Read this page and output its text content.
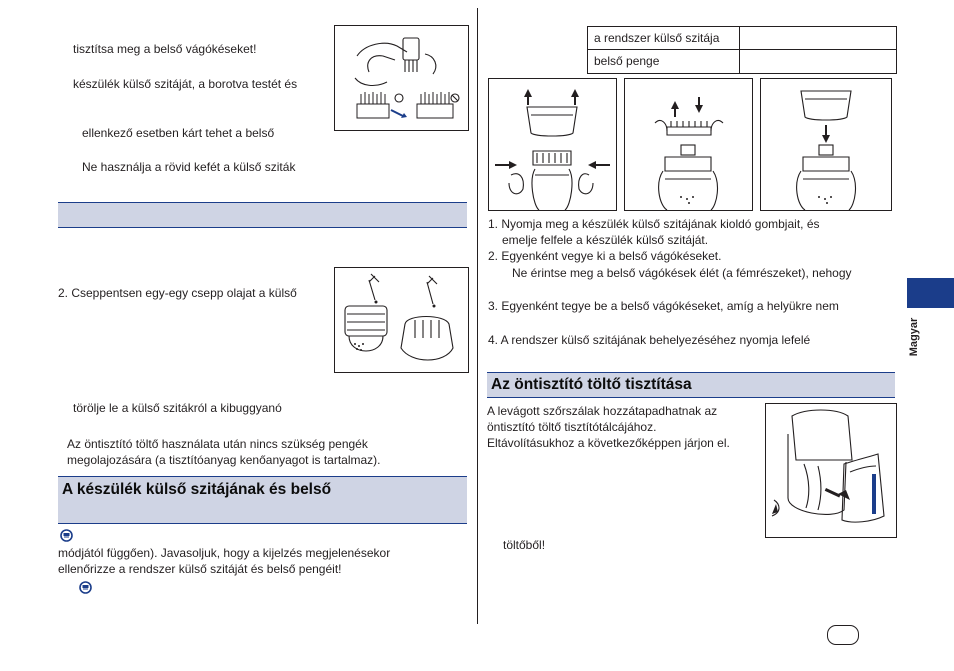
tisztítsa meg a belső vágókéseket!
készülék külső szitáját, a borotva testét és
ellenkező esetben kárt tehet a belső
Ne használja a rövid kefét a külső sziták
2. Cseppentsen egy-egy csepp olajat a külső
törölje le a külső szitákról a kibuggyanó
Az öntisztító töltő használata után nincs szükség pengék
megolajozására (a tisztítóanyag kenőanyagot is tartalmaz).
A készülék külső szitájának és belső
módjától függően). Javasoljuk, hogy a kijelzés megjelenésekor
ellenőrizze a rendszer külső szitáját és belső pengéit!
a rendszer külső szitája
belső penge
1. Nyomja meg a készülék külső szitájának kioldó gombjait, és
emelje felfele a készülék külső szitáját.
2. Egyenként vegye ki a belső vágókéseket.
Ne érintse meg a belső vágókések élét (a fémrészeket), nehogy
3. Egyenként tegye be a belső vágókéseket, amíg a helyükre nem
4. A rendszer külső szitájának behelyezéséhez nyomja lefelé
Az öntisztító töltő tisztítása
A levágott szőrszálak hozzátapadhatnak az
öntisztító töltő tisztítótálcájához.
Eltávolításukhoz a következőképpen járjon el.
töltőből!
Magyar
